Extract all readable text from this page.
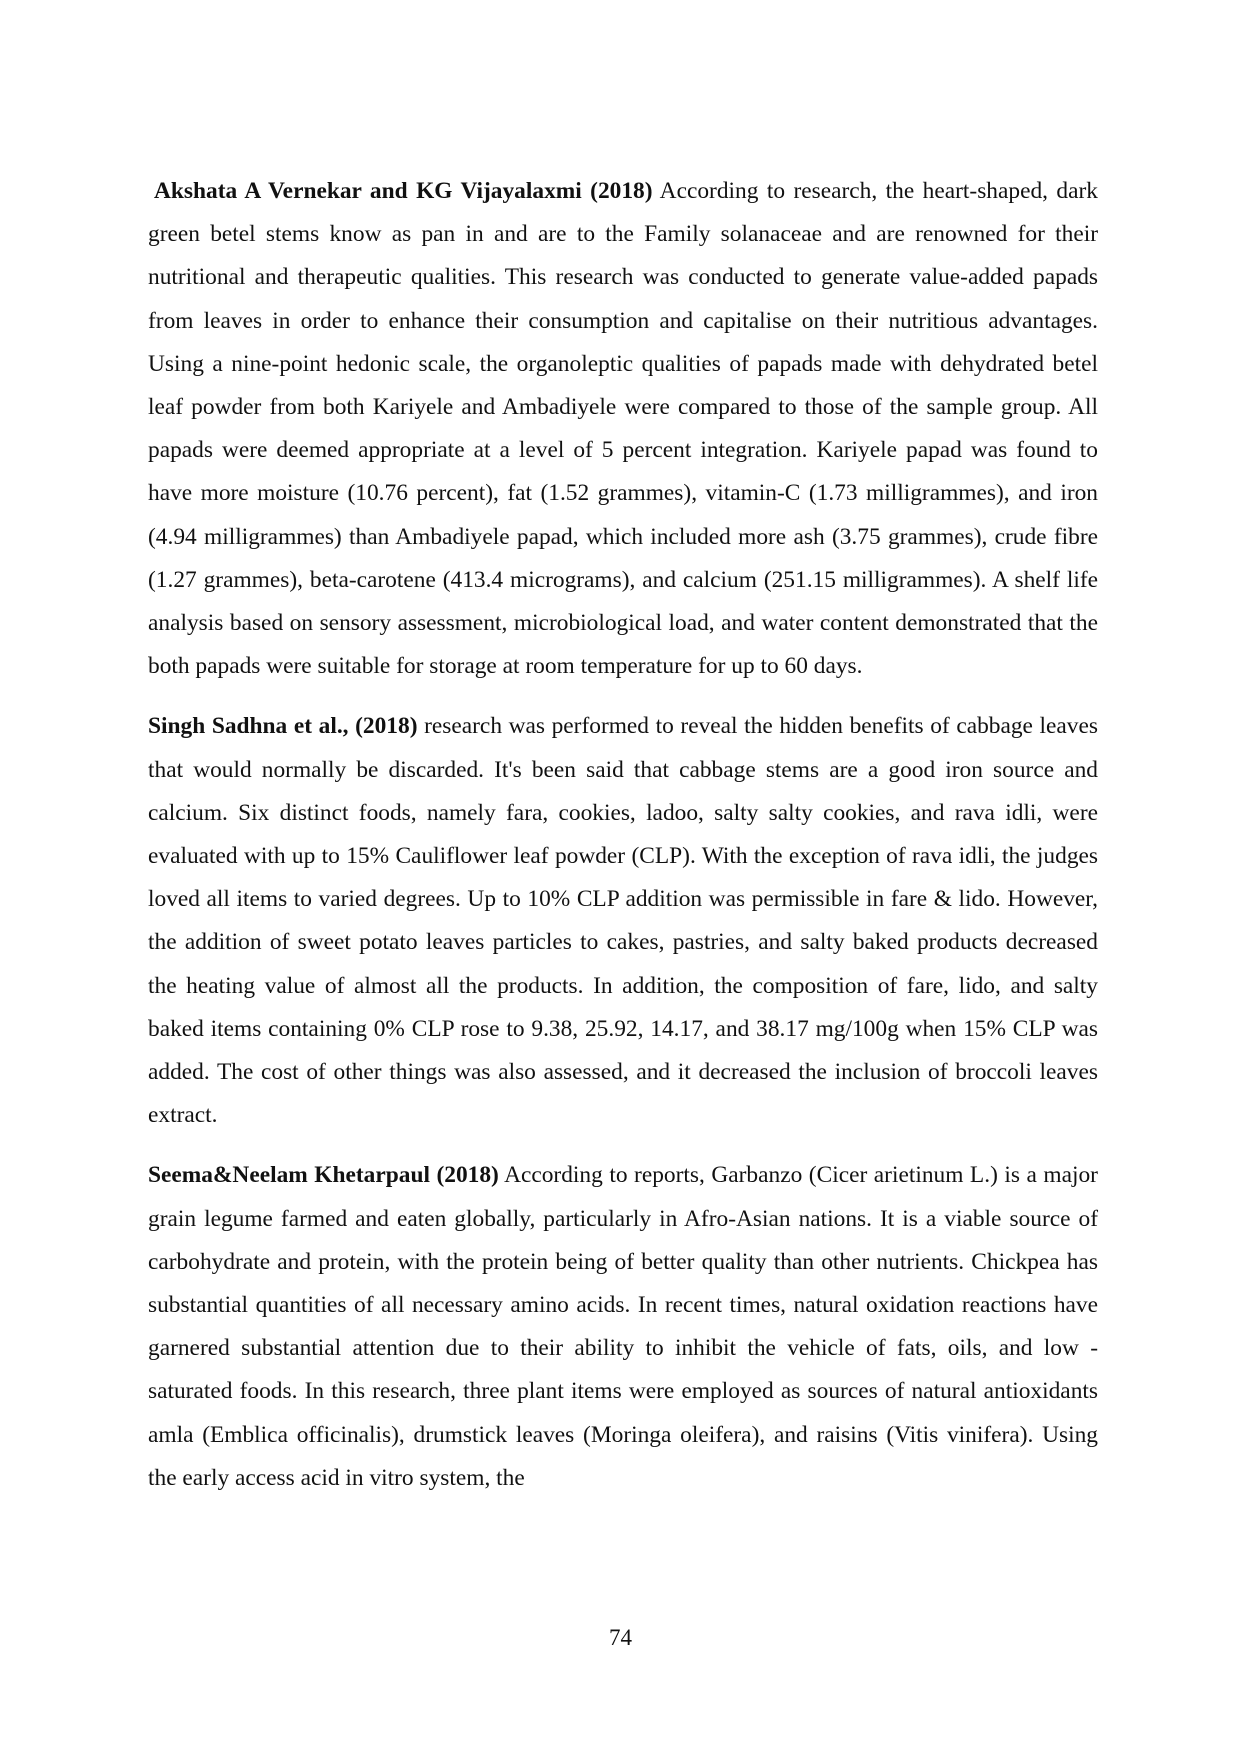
Akshata A Vernekar and KG Vijayalaxmi (2018) According to research, the heart-shaped, dark green betel stems know as pan in and are to the Family solanaceae and are renowned for their nutritional and therapeutic qualities. This research was conducted to generate value-added papads from leaves in order to enhance their consumption and capitalise on their nutritious advantages. Using a nine-point hedonic scale, the organoleptic qualities of papads made with dehydrated betel leaf powder from both Kariyele and Ambadiyele were compared to those of the sample group. All papads were deemed appropriate at a level of 5 percent integration. Kariyele papad was found to have more moisture (10.76 percent), fat (1.52 grammes), vitamin-C (1.73 milligrammes), and iron (4.94 milligrammes) than Ambadiyele papad, which included more ash (3.75 grammes), crude fibre (1.27 grammes), beta-carotene (413.4 micrograms), and calcium (251.15 milligrammes). A shelf life analysis based on sensory assessment, microbiological load, and water content demonstrated that the both papads were suitable for storage at room temperature for up to 60 days.

Singh Sadhna et al., (2018) research was performed to reveal the hidden benefits of cabbage leaves that would normally be discarded. It's been said that cabbage stems are a good iron source and calcium. Six distinct foods, namely fara, cookies, ladoo, salty salty cookies, and rava idli, were evaluated with up to 15% Cauliflower leaf powder (CLP). With the exception of rava idli, the judges loved all items to varied degrees. Up to 10% CLP addition was permissible in fare & lido. However, the addition of sweet potato leaves particles to cakes, pastries, and salty baked products decreased the heating value of almost all the products. In addition, the composition of fare, lido, and salty baked items containing 0% CLP rose to 9.38, 25.92, 14.17, and 38.17 mg/100g when 15% CLP was added. The cost of other things was also assessed, and it decreased the inclusion of broccoli leaves extract.

Seema&Neelam Khetarpaul (2018) According to reports, Garbanzo (Cicer arietinum L.) is a major grain legume farmed and eaten globally, particularly in Afro-Asian nations. It is a viable source of carbohydrate and protein, with the protein being of better quality than other nutrients. Chickpea has substantial quantities of all necessary amino acids. In recent times, natural oxidation reactions have garnered substantial attention due to their ability to inhibit the vehicle of fats, oils, and low - saturated foods. In this research, three plant items were employed as sources of natural antioxidants amla (Emblica officinalis), drumstick leaves (Moringa oleifera), and raisins (Vitis vinifera). Using the early access acid in vitro system, the

74
